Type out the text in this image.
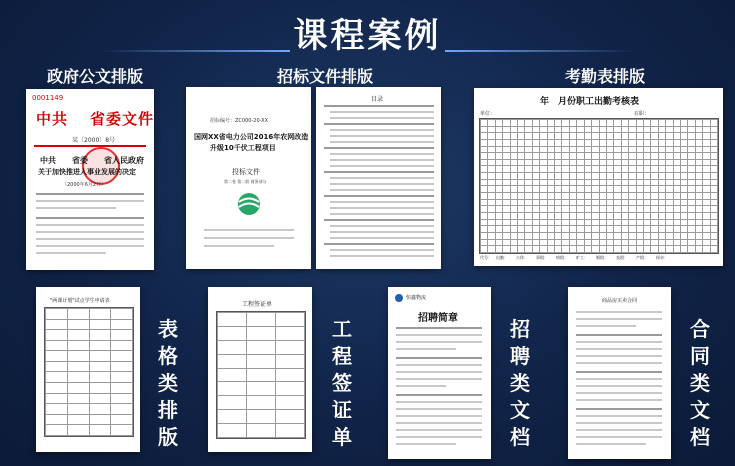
课程案例
政府公文排版	招标文件排版	考勤表排版
0001149
中共 省委文件
某〔2000〕8号
中共 省委 省人民政府
关于加快推进人事业发展的决定
（2000年6月2日）
招标编号：ZC000-20-XX
国网XX省电力公司2016年农网改造
升级10千伏工程项目
投标文件
第二卷 第二册 商务部分
目录	年　月份职工出勤考核表
单位：	在职：

代号：　出勤：　　公休：　　事假：　　病假：　　旷工：　　婚假：　　丧假：　　产假：　　探亲：
"两课计划"试点学生申请表

表
格
类
排
版
工程签证单

工
程
签
证
单
恒鑫物流
招聘简章	招
聘
类
文
档
商品房买卖合同
合
同
类
文
档
